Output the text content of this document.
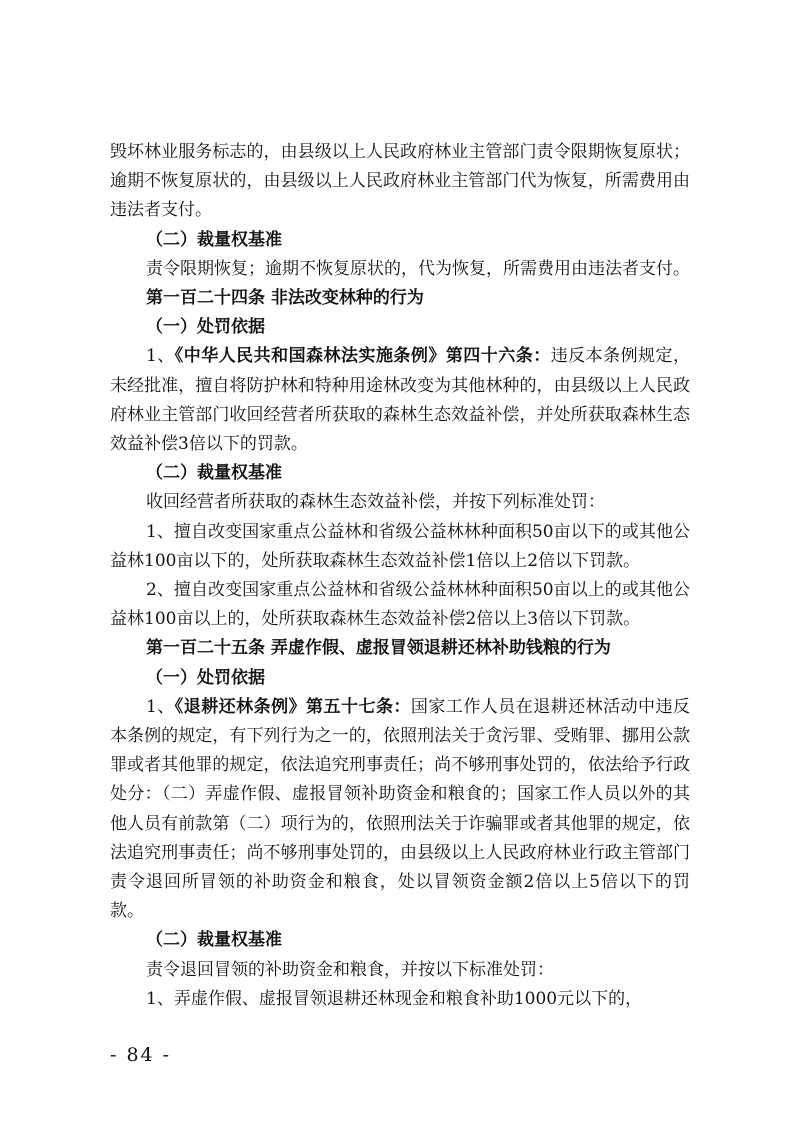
毁坏林业服务标志的，由县级以上人民政府林业主管部门责令限期恢复原状；逾期不恢复原状的，由县级以上人民政府林业主管部门代为恢复，所需费用由违法者支付。

（二）裁量权基准

责令限期恢复；逾期不恢复原状的，代为恢复，所需费用由违法者支付。

第一百二十四条 非法改变林种的行为

（一）处罚依据

1、《中华人民共和国森林法实施条例》第四十六条：违反本条例规定，未经批准，擅自将防护林和特种用途林改变为其他林种的，由县级以上人民政府林业主管部门收回经营者所获取的森林生态效益补偿，并处所获取森林生态效益补偿3倍以下的罚款。

（二）裁量权基准

收回经营者所获取的森林生态效益补偿，并按下列标准处罚：

1、擅自改变国家重点公益林和省级公益林林种面积50亩以下的或其他公益林100亩以下的，处所获取森林生态效益补偿1倍以上2倍以下罚款。

2、擅自改变国家重点公益林和省级公益林林种面积50亩以上的或其他公益林100亩以上的，处所获取森林生态效益补偿2倍以上3倍以下罚款。

第一百二十五条 弄虚作假、虚报冒领退耕还林补助钱粮的行为

（一）处罚依据

1、《退耕还林条例》第五十七条：国家工作人员在退耕还林活动中违反本条例的规定，有下列行为之一的，依照刑法关于贪污罪、受贿罪、挪用公款罪或者其他罪的规定，依法追究刑事责任；尚不够刑事处罚的，依法给予行政处分：（二）弄虚作假、虚报冒领补助资金和粮食的；国家工作人员以外的其他人员有前款第（二）项行为的，依照刑法关于诈骗罪或者其他罪的规定，依法追究刑事责任；尚不够刑事处罚的，由县级以上人民政府林业行政主管部门责令退回所冒领的补助资金和粮食，处以冒领资金额2倍以上5倍以下的罚款。

（二）裁量权基准

责令退回冒领的补助资金和粮食，并按以下标准处罚：

1、弄虚作假、虚报冒领退耕还林现金和粮食补助1000元以下的，

- 84 -
